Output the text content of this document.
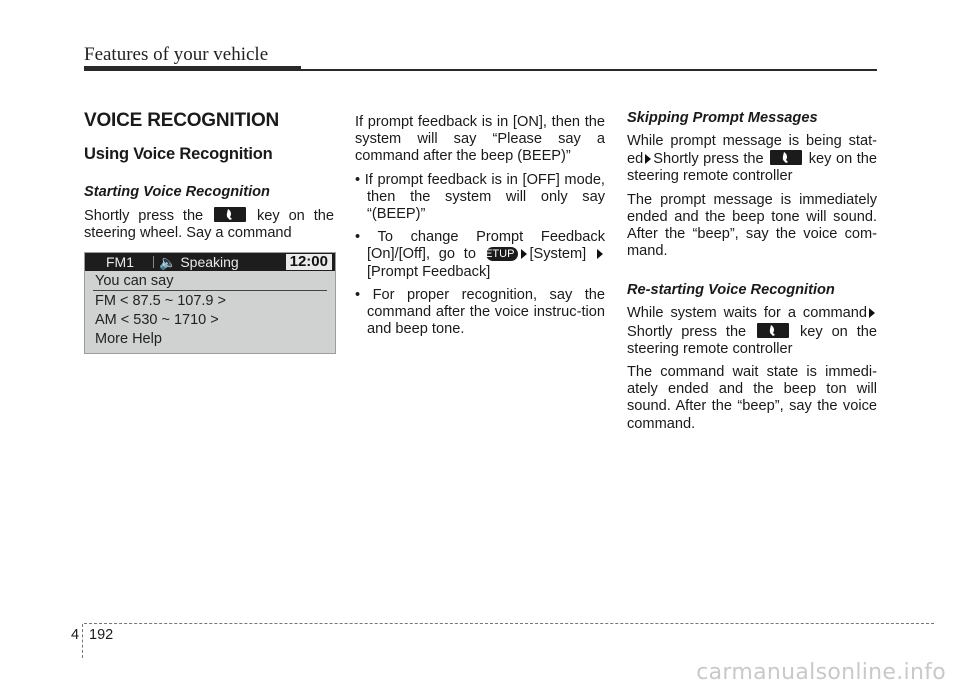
Features of your vehicle
VOICE RECOGNITION
Using Voice Recognition
Starting Voice Recognition

Shortly press the	key on the steering wheel. Say a command

FM1	🔈 Speaking	12:00
You can say
FM < 87.5 ~ 107.9 >
AM < 530 ~ 1710 >
More Help

If prompt feedback is in [ON], then the system will say “Please say a command after the beep (BEEP)”

• If prompt feedback is in [OFF] mode, then the system will only say “(BEEP)”
• To change Prompt Feedback [On]/[Off], go to SETUP [System] [Prompt Feedback]
• For proper recognition, say the command after the voice instruc-tion and beep tone.
Skipping Prompt Messages

While prompt message is being stat-ed Shortly press the	key on the steering remote controller

The prompt message is immediately ended and the beep tone will sound. After the “beep”, say the voice com-mand.

Re-starting Voice Recognition

While system waits for a command Shortly press the	key on the steering remote controller

The command wait state is immedi-ately ended and the beep ton will sound. After the “beep”, say the voice command.

4 192
carmanualsonline.info
